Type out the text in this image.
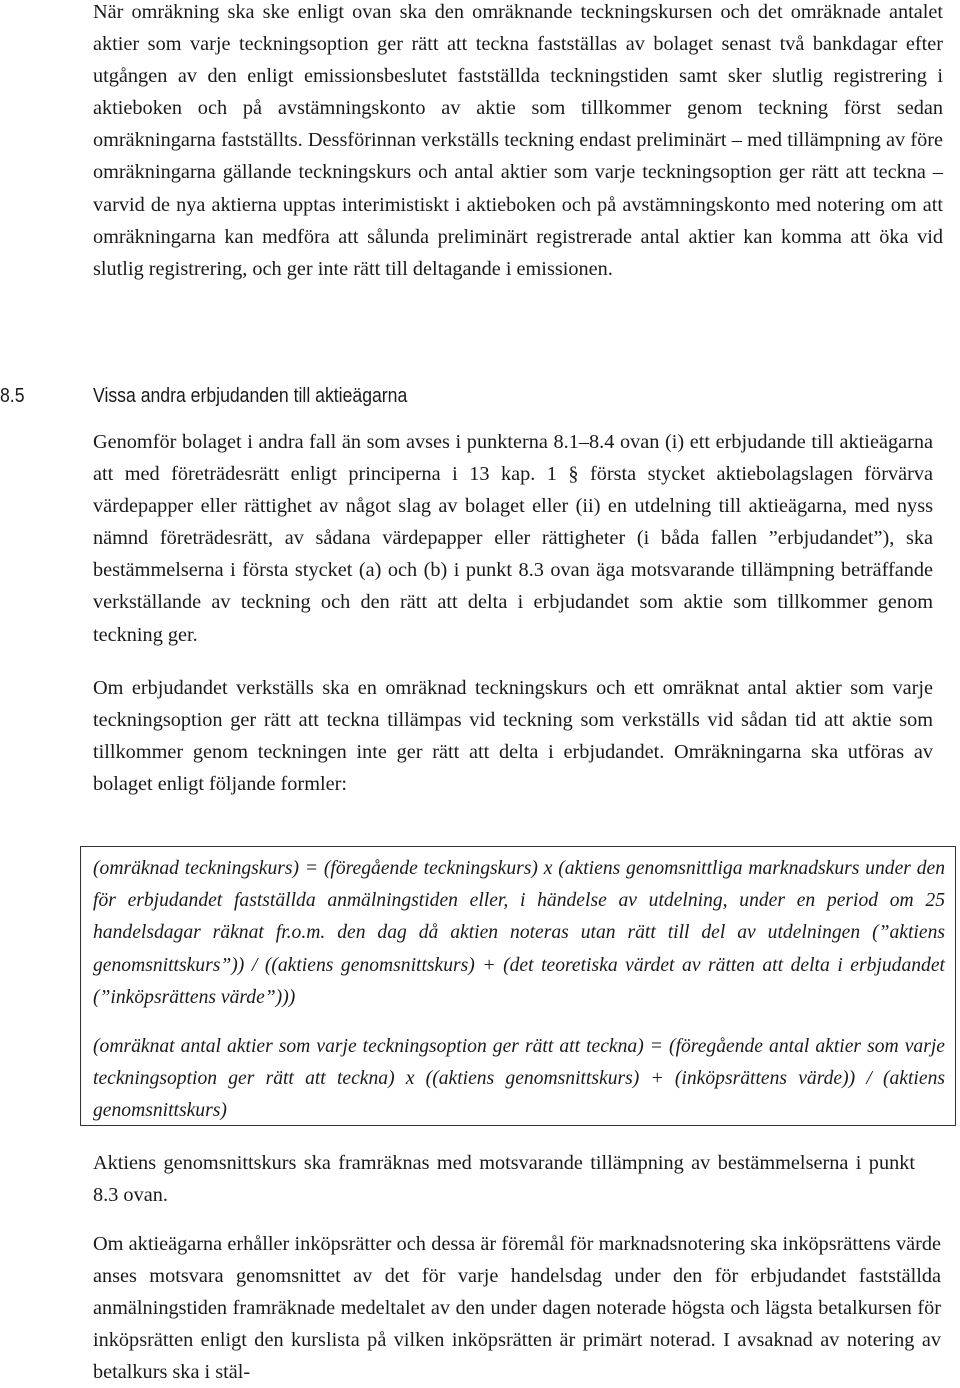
När omräkning ska ske enligt ovan ska den omräknande teckningskursen och det omräknade antalet aktier som varje teckningsoption ger rätt att teckna fastställas av bolaget senast två bankdagar efter utgången av den enligt emissionsbeslutet fastställda teckningstiden samt sker slutlig registrering i aktieboken och på avstämningskonto av aktie som tillkommer genom teckning först sedan omräkningarna fastställts. Dessförinnan verkställs teckning endast preliminärt – med tillämpning av före omräkningarna gällande teckningskurs och antal aktier som varje teckningsoption ger rätt att teckna – varvid de nya aktierna upptas interimistiskt i aktieboken och på avstämningskonto med notering om att omräkningarna kan medföra att sålunda preliminärt registrerade antal aktier kan komma att öka vid slutlig registrering, och ger inte rätt till deltagande i emissionen.

8.5	Vissa andra erbjudanden till aktieägarna

Genomför bolaget i andra fall än som avses i punkterna 8.1–8.4 ovan (i) ett erbjudande till aktieägarna att med företrädesrätt enligt principerna i 13 kap. 1 § första stycket aktiebolagslagen förvärva värdepapper eller rättighet av något slag av bolaget eller (ii) en utdelning till aktieägarna, med nyss nämnd företrädesrätt, av sådana värdepapper eller rättigheter (i båda fallen ”erbjudandet”), ska bestämmelserna i första stycket (a) och (b) i punkt 8.3 ovan äga motsvarande tillämpning beträffande verkställande av teckning och den rätt att delta i erbjudandet som aktie som tillkommer genom teckning ger.

Om erbjudandet verkställs ska en omräknad teckningskurs och ett omräknat antal aktier som varje teckningsoption ger rätt att teckna tillämpas vid teckning som verkställs vid sådan tid att aktie som tillkommer genom teckningen inte ger rätt att delta i erbjudandet. Omräkningarna ska utföras av bolaget enligt följande formler:

(omräknad teckningskurs) = (föregående teckningskurs) x (aktiens genomsnittliga marknadskurs under den för erbjudandet fastställda anmälningstiden eller, i händelse av utdelning, under en period om 25 handelsdagar räknat fr.o.m. den dag då aktien noteras utan rätt till del av utdelningen (”aktiens genomsnittskurs”)) / ((aktiens genomsnittskurs) + (det teoretiska värdet av rätten att delta i erbjudandet (”inköpsrättens värde”)))

(omräknat antal aktier som varje teckningsoption ger rätt att teckna) = (föregående antal aktier som varje teckningsoption ger rätt att teckna) x ((aktiens genomsnittskurs) + (inköpsrättens värde)) / (aktiens genomsnittskurs)

Aktiens genomsnittskurs ska framräknas med motsvarande tillämpning av bestämmelserna i punkt 8.3 ovan.

Om aktieägarna erhåller inköpsrätter och dessa är föremål för marknadsnotering ska inköpsrättens värde anses motsvara genomsnittet av det för varje handelsdag under den för erbjudandet fastställda anmälningstiden framräknade medeltalet av den under dagen noterade högsta och lägsta betalkursen för inköpsrätten enligt den kurslista på vilken inköpsrätten är primärt noterad. I avsaknad av notering av betalkurs ska i stäl-
